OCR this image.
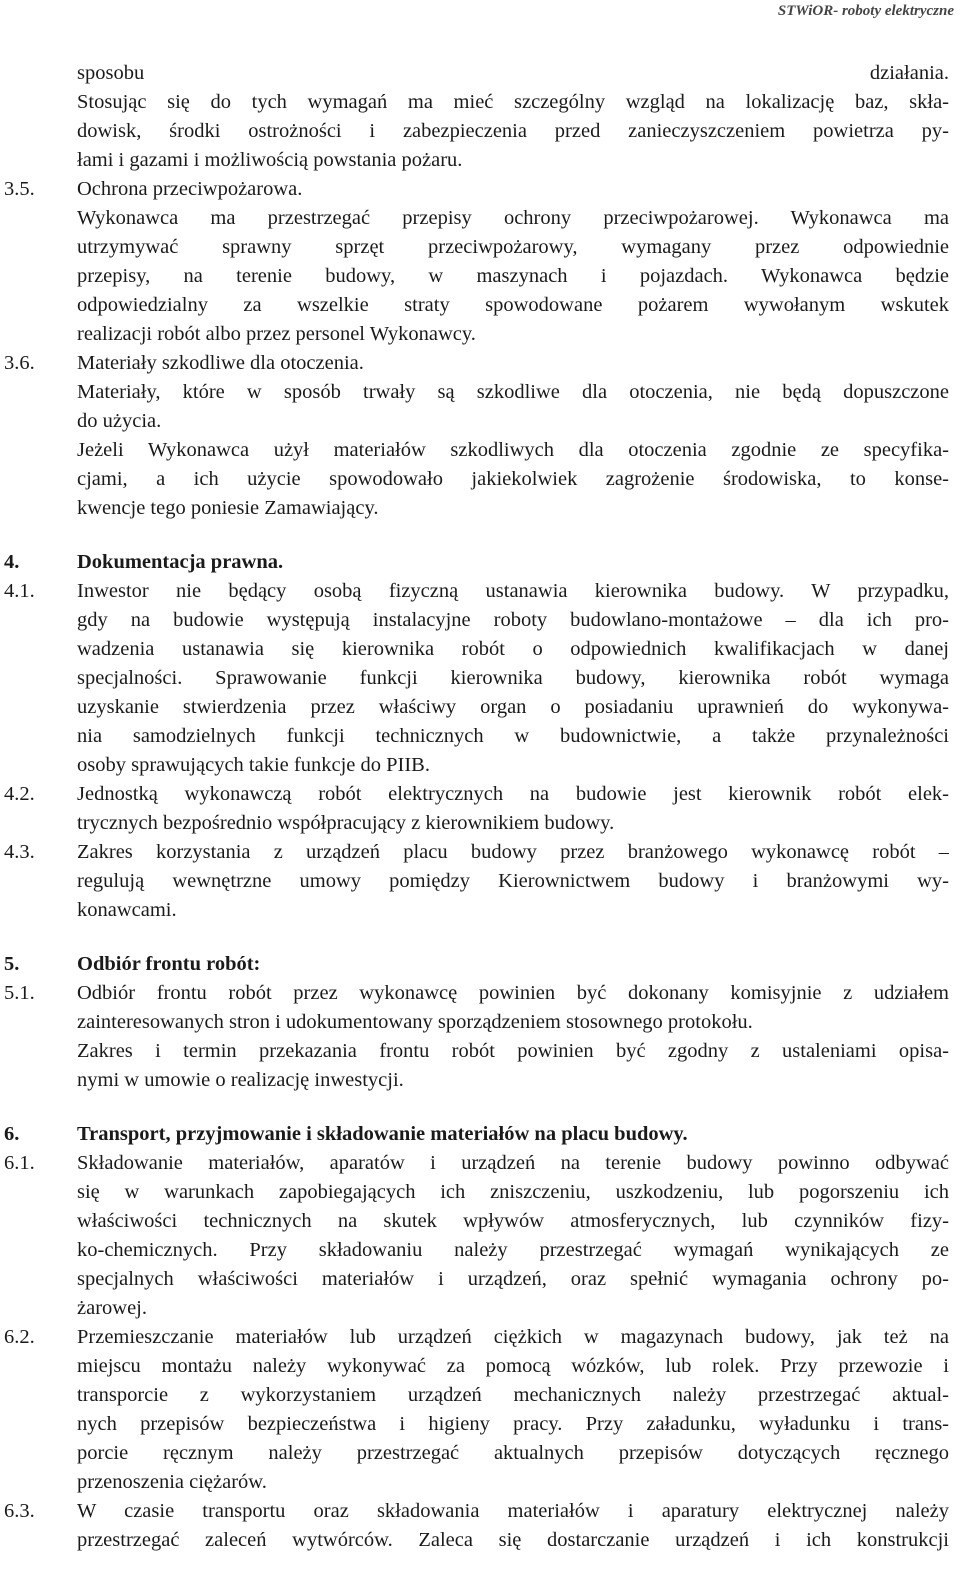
STWiOR- roboty elektryczne
sposobu działania.
Stosując się do tych wymagań ma mieć szczególny wzgląd na lokalizację baz, skła-
dowisk, środki ostrożności i zabezpieczenia przed zanieczyszczeniem powietrza py-
łami i gazami i możliwością powstania pożaru.
3.5. Ochrona przeciwpożarowa.
Wykonawca ma przestrzegać przepisy ochrony przeciwpożarowej. Wykonawca ma
utrzymywać sprawny sprzęt przeciwpożarowy, wymagany przez odpowiednie
przepisy, na terenie budowy, w maszynach i pojazdach. Wykonawca będzie
odpowiedzialny za wszelkie straty spowodowane pożarem wywołanym wskutek
realizacji robót albo przez personel Wykonawcy.
3.6. Materiały szkodliwe dla otoczenia.
Materiały, które w sposób trwały są szkodliwe dla otoczenia, nie będą dopuszczone
do użycia.
Jeżeli Wykonawca użył materiałów szkodliwych dla otoczenia zgodnie ze specyfika-
cjami, a ich użycie spowodowało jakiekolwiek zagrożenie środowiska, to konse-
kwencje tego poniesie Zamawiający.
4.	Dokumentacja prawna.
4.1. Inwestor nie będący osobą fizyczną ustanawia kierownika budowy. W przypadku,
gdy na budowie występują instalacyjne roboty budowlano-montażowe – dla ich pro-
wadzenia ustanawia się kierownika robót o odpowiednich kwalifikacjach w danej
specjalności. Sprawowanie funkcji kierownika budowy, kierownika robót wymaga
uzyskanie stwierdzenia przez właściwy organ o posiadaniu uprawnień do wykonywa-
nia samodzielnych funkcji technicznych w budownictwie, a także przynależności
osoby sprawujących takie funkcje do PIIB.
4.2. Jednostką wykonawczą robót elektrycznych na budowie jest kierownik robót elek-
trycznych bezpośrednio współpracujący z kierownikiem budowy.
4.3. Zakres korzystania z urządzeń placu budowy przez branżowego wykonawcę robót –
regulują wewnętrzne umowy pomiędzy Kierownictwem budowy i branżowymi wy-
konawcami.
5.	Odbiór frontu robót:
5.1. Odbiór frontu robót przez wykonawcę powinien być dokonany komisyjnie z udziałem
zainteresowanych stron i udokumentowany sporządzeniem stosownego protokołu.
Zakres i termin przekazania frontu robót powinien być zgodny z ustaleniami opisa-
nymi w umowie o realizację inwestycji.
6.	Transport, przyjmowanie i składowanie materiałów na placu budowy.
6.1. Składowanie materiałów, aparatów i urządzeń na terenie budowy powinno odbywać
się w warunkach zapobiegających ich zniszczeniu, uszkodzeniu, lub pogorszeniu ich
właściwości technicznych na skutek wpływów atmosferycznych, lub czynników fizy-
ko-chemicznych. Przy składowaniu należy przestrzegać wymagań wynikających ze
specjalnych właściwości materiałów i urządzeń, oraz spełnić wymagania ochrony po-
żarowej.
6.2. Przemieszczanie materiałów lub urządzeń ciężkich w magazynach budowy, jak też na
miejscu montażu należy wykonywać za pomocą wózków, lub rolek. Przy przewozie i
transporcie z wykorzystaniem urządzeń mechanicznych należy przestrzegać aktual-
nych przepisów bezpieczeństwa i higieny pracy. Przy załadunku, wyładunku i trans-
porcie ręcznym należy przestrzegać aktualnych przepisów dotyczących ręcznego
przenoszenia ciężarów.
6.3. W czasie transportu oraz składowania materiałów i aparatury elektrycznej należy
przestrzegać zaleceń wytwórców. Zaleca się dostarczanie urządzeń i ich konstrukcji
